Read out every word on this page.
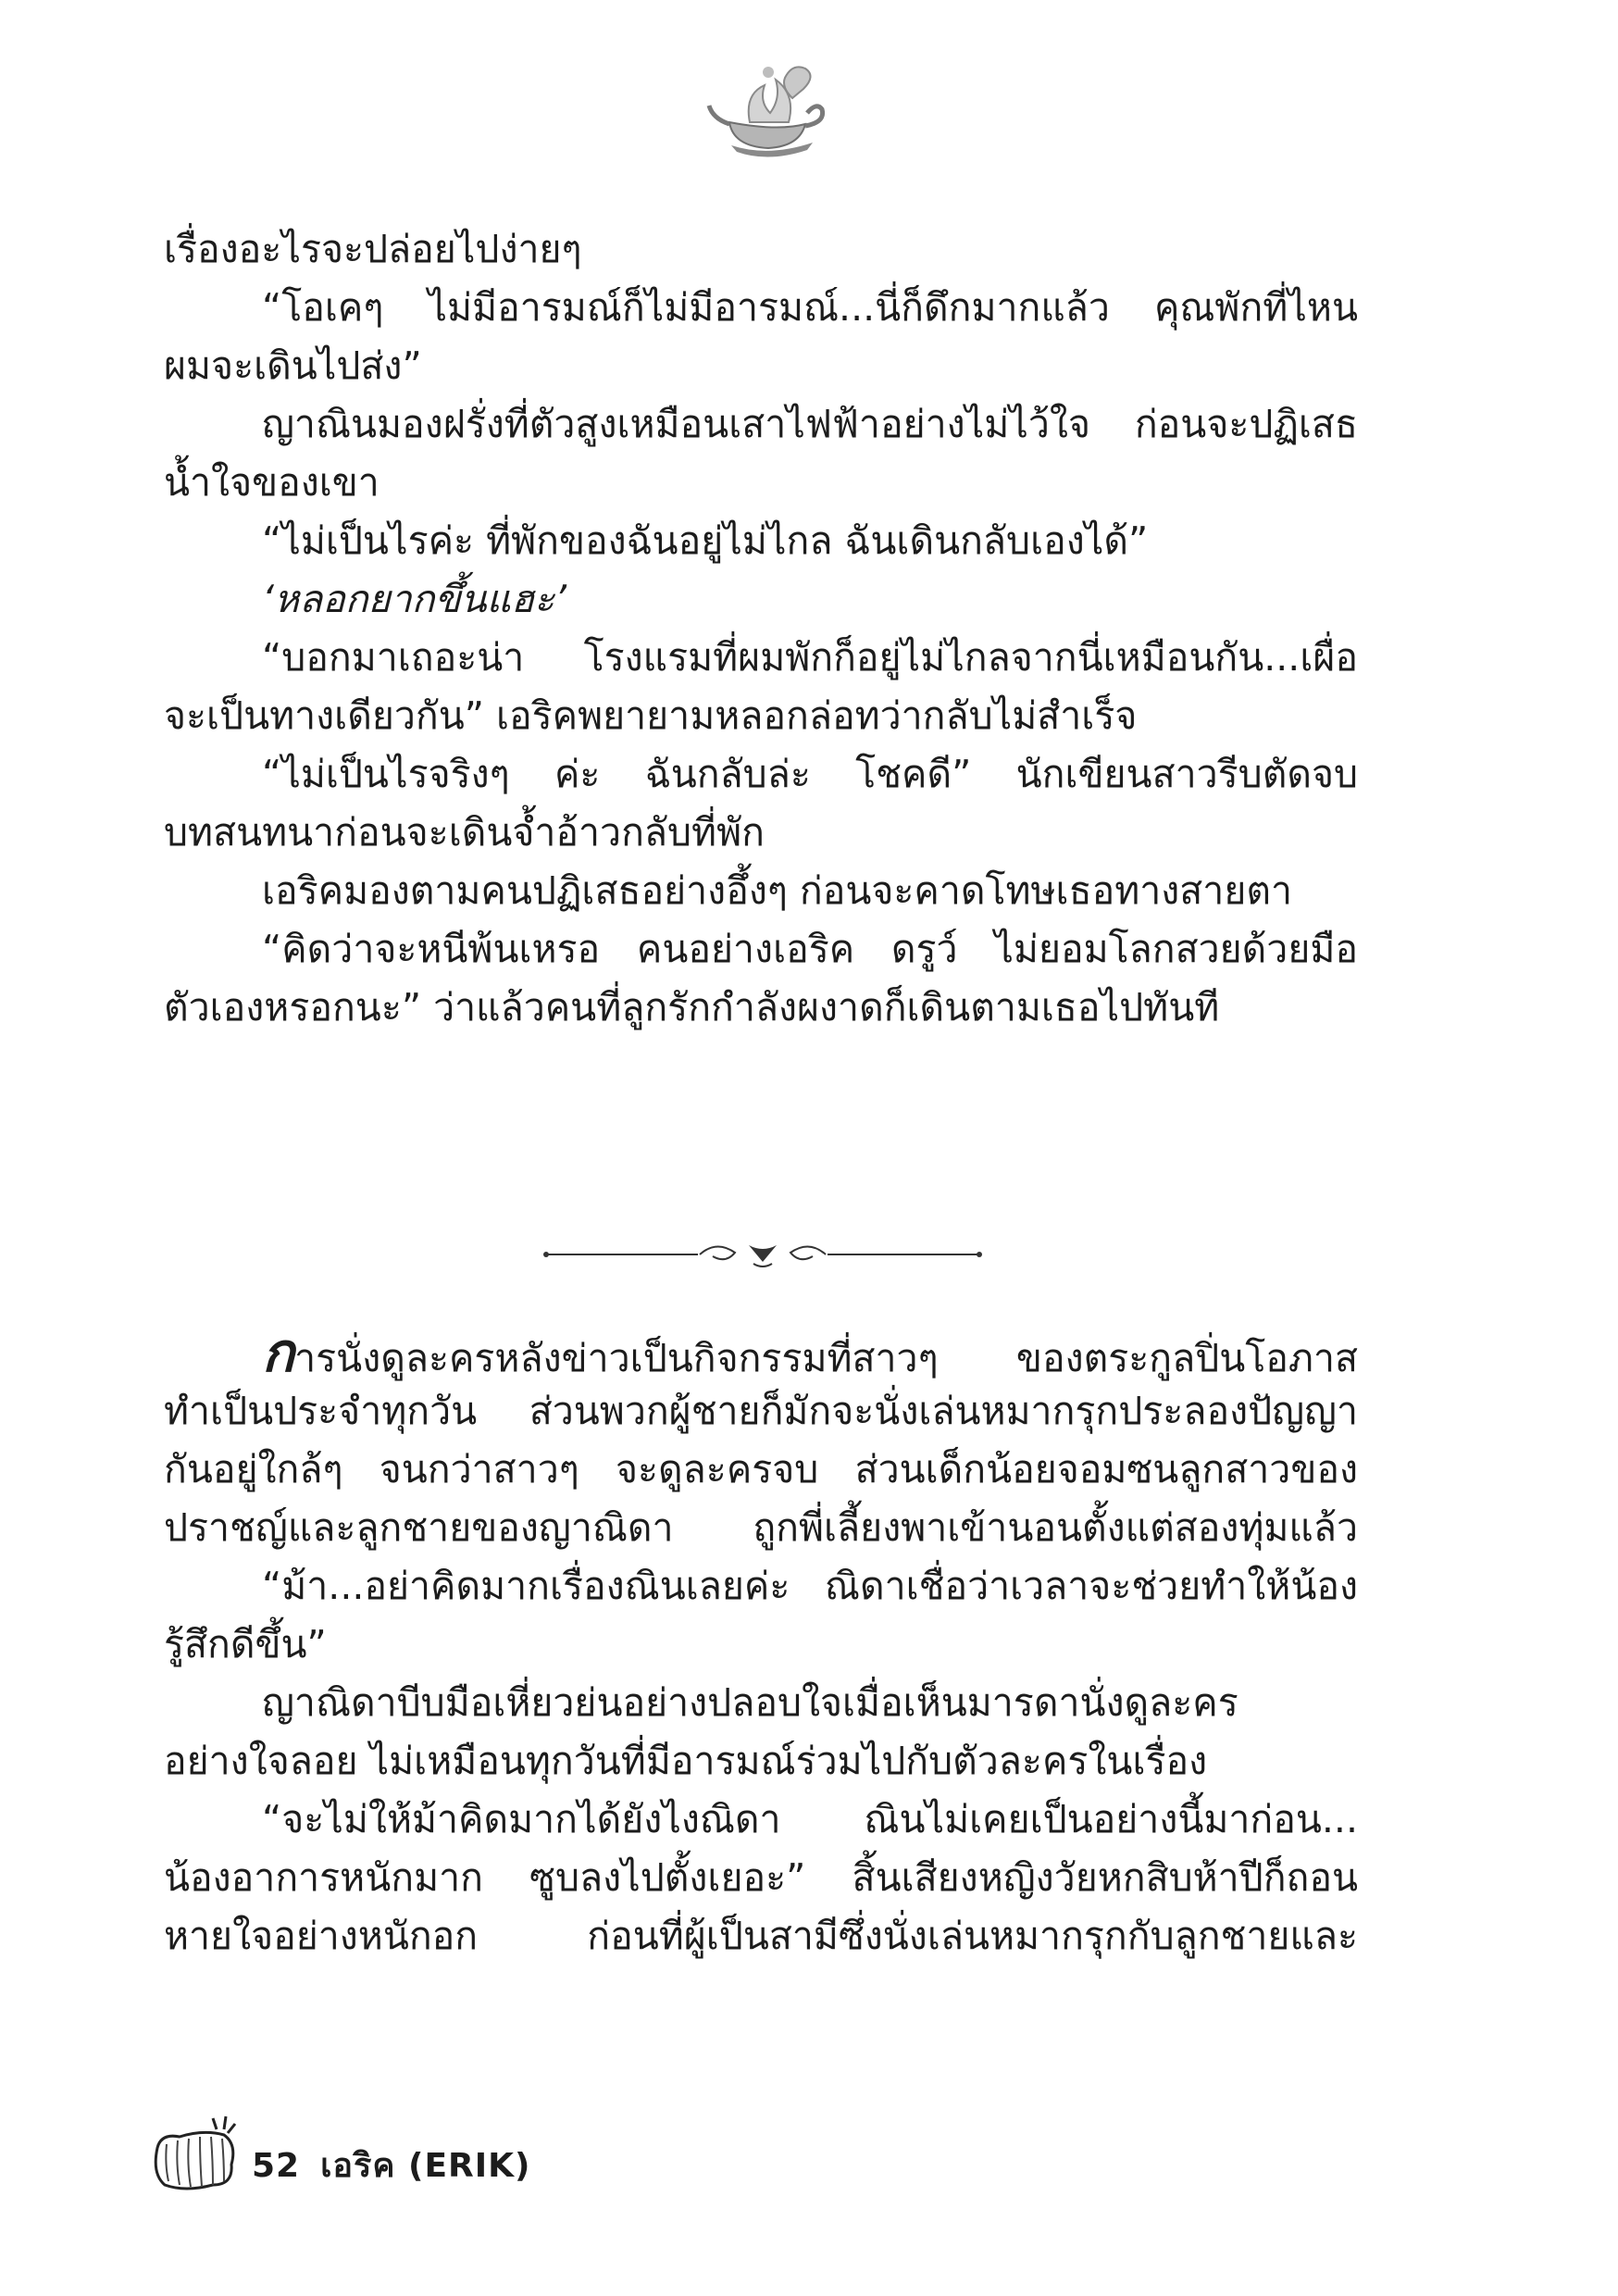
เรื่องอะไรจะปล่อยไปง่ายๆ
“โอเคๆ ไม่มีอารมณ์ก็ไม่มีอารมณ์...นี่ก็ดึกมากแล้ว คุณพักที่ไหน
ผมจะเดินไปส่ง”
ญาณินมองฝรั่งที่ตัวสูงเหมือนเสาไฟฟ้าอย่างไม่ไว้ใจ ก่อนจะปฏิเสธ
น้ำใจของเขา
“ไม่เป็นไรค่ะ ที่พักของฉันอยู่ไม่ไกล ฉันเดินกลับเองได้”
‘หลอกยากขึ้นแฮะ’
“บอกมาเถอะน่า โรงแรมที่ผมพักก็อยู่ไม่ไกลจากนี่เหมือนกัน...เผื่อ
จะเป็นทางเดียวกัน” เอริคพยายามหลอกล่อทว่ากลับไม่สำเร็จ
“ไม่เป็นไรจริงๆ ค่ะ ฉันกลับล่ะ โชคดี” นักเขียนสาวรีบตัดจบ
บทสนทนาก่อนจะเดินจ้ำอ้าวกลับที่พัก
เอริคมองตามคนปฏิเสธอย่างอึ้งๆ ก่อนจะคาดโทษเธอทางสายตา
“คิดว่าจะหนีพ้นเหรอ คนอย่างเอริค ดรูว์ ไม่ยอมโลกสวยด้วยมือ
ตัวเองหรอกนะ” ว่าแล้วคนที่ลูกรักกำลังผงาดก็เดินตามเธอไปทันที
การนั่งดูละครหลังข่าวเป็นกิจกรรมที่สาวๆ ของตระกูลปิ่นโอภาส
ทำเป็นประจำทุกวัน ส่วนพวกผู้ชายก็มักจะนั่งเล่นหมากรุกประลองปัญญา
กันอยู่ใกล้ๆ จนกว่าสาวๆ จะดูละครจบ ส่วนเด็กน้อยจอมซนลูกสาวของ
ปราชญ์และลูกชายของญาณิดา ถูกพี่เลี้ยงพาเข้านอนตั้งแต่สองทุ่มแล้ว
“ม้า...อย่าคิดมากเรื่องณินเลยค่ะ ณิดาเชื่อว่าเวลาจะช่วยทำให้น้อง
รู้สึกดีขึ้น”
ญาณิดาบีบมือเหี่ยวย่นอย่างปลอบใจเมื่อเห็นมารดานั่งดูละคร
อย่างใจลอย ไม่เหมือนทุกวันที่มีอารมณ์ร่วมไปกับตัวละครในเรื่อง
“จะไม่ให้ม้าคิดมากได้ยังไงณิดา ณินไม่เคยเป็นอย่างนี้มาก่อน...
น้องอาการหนักมาก ซูบลงไปตั้งเยอะ” สิ้นเสียงหญิงวัยหกสิบห้าปีก็ถอน
หายใจอย่างหนักอก ก่อนที่ผู้เป็นสามีซึ่งนั่งเล่นหมากรุกกับลูกชายและ
52 เอริค (ERIK)
